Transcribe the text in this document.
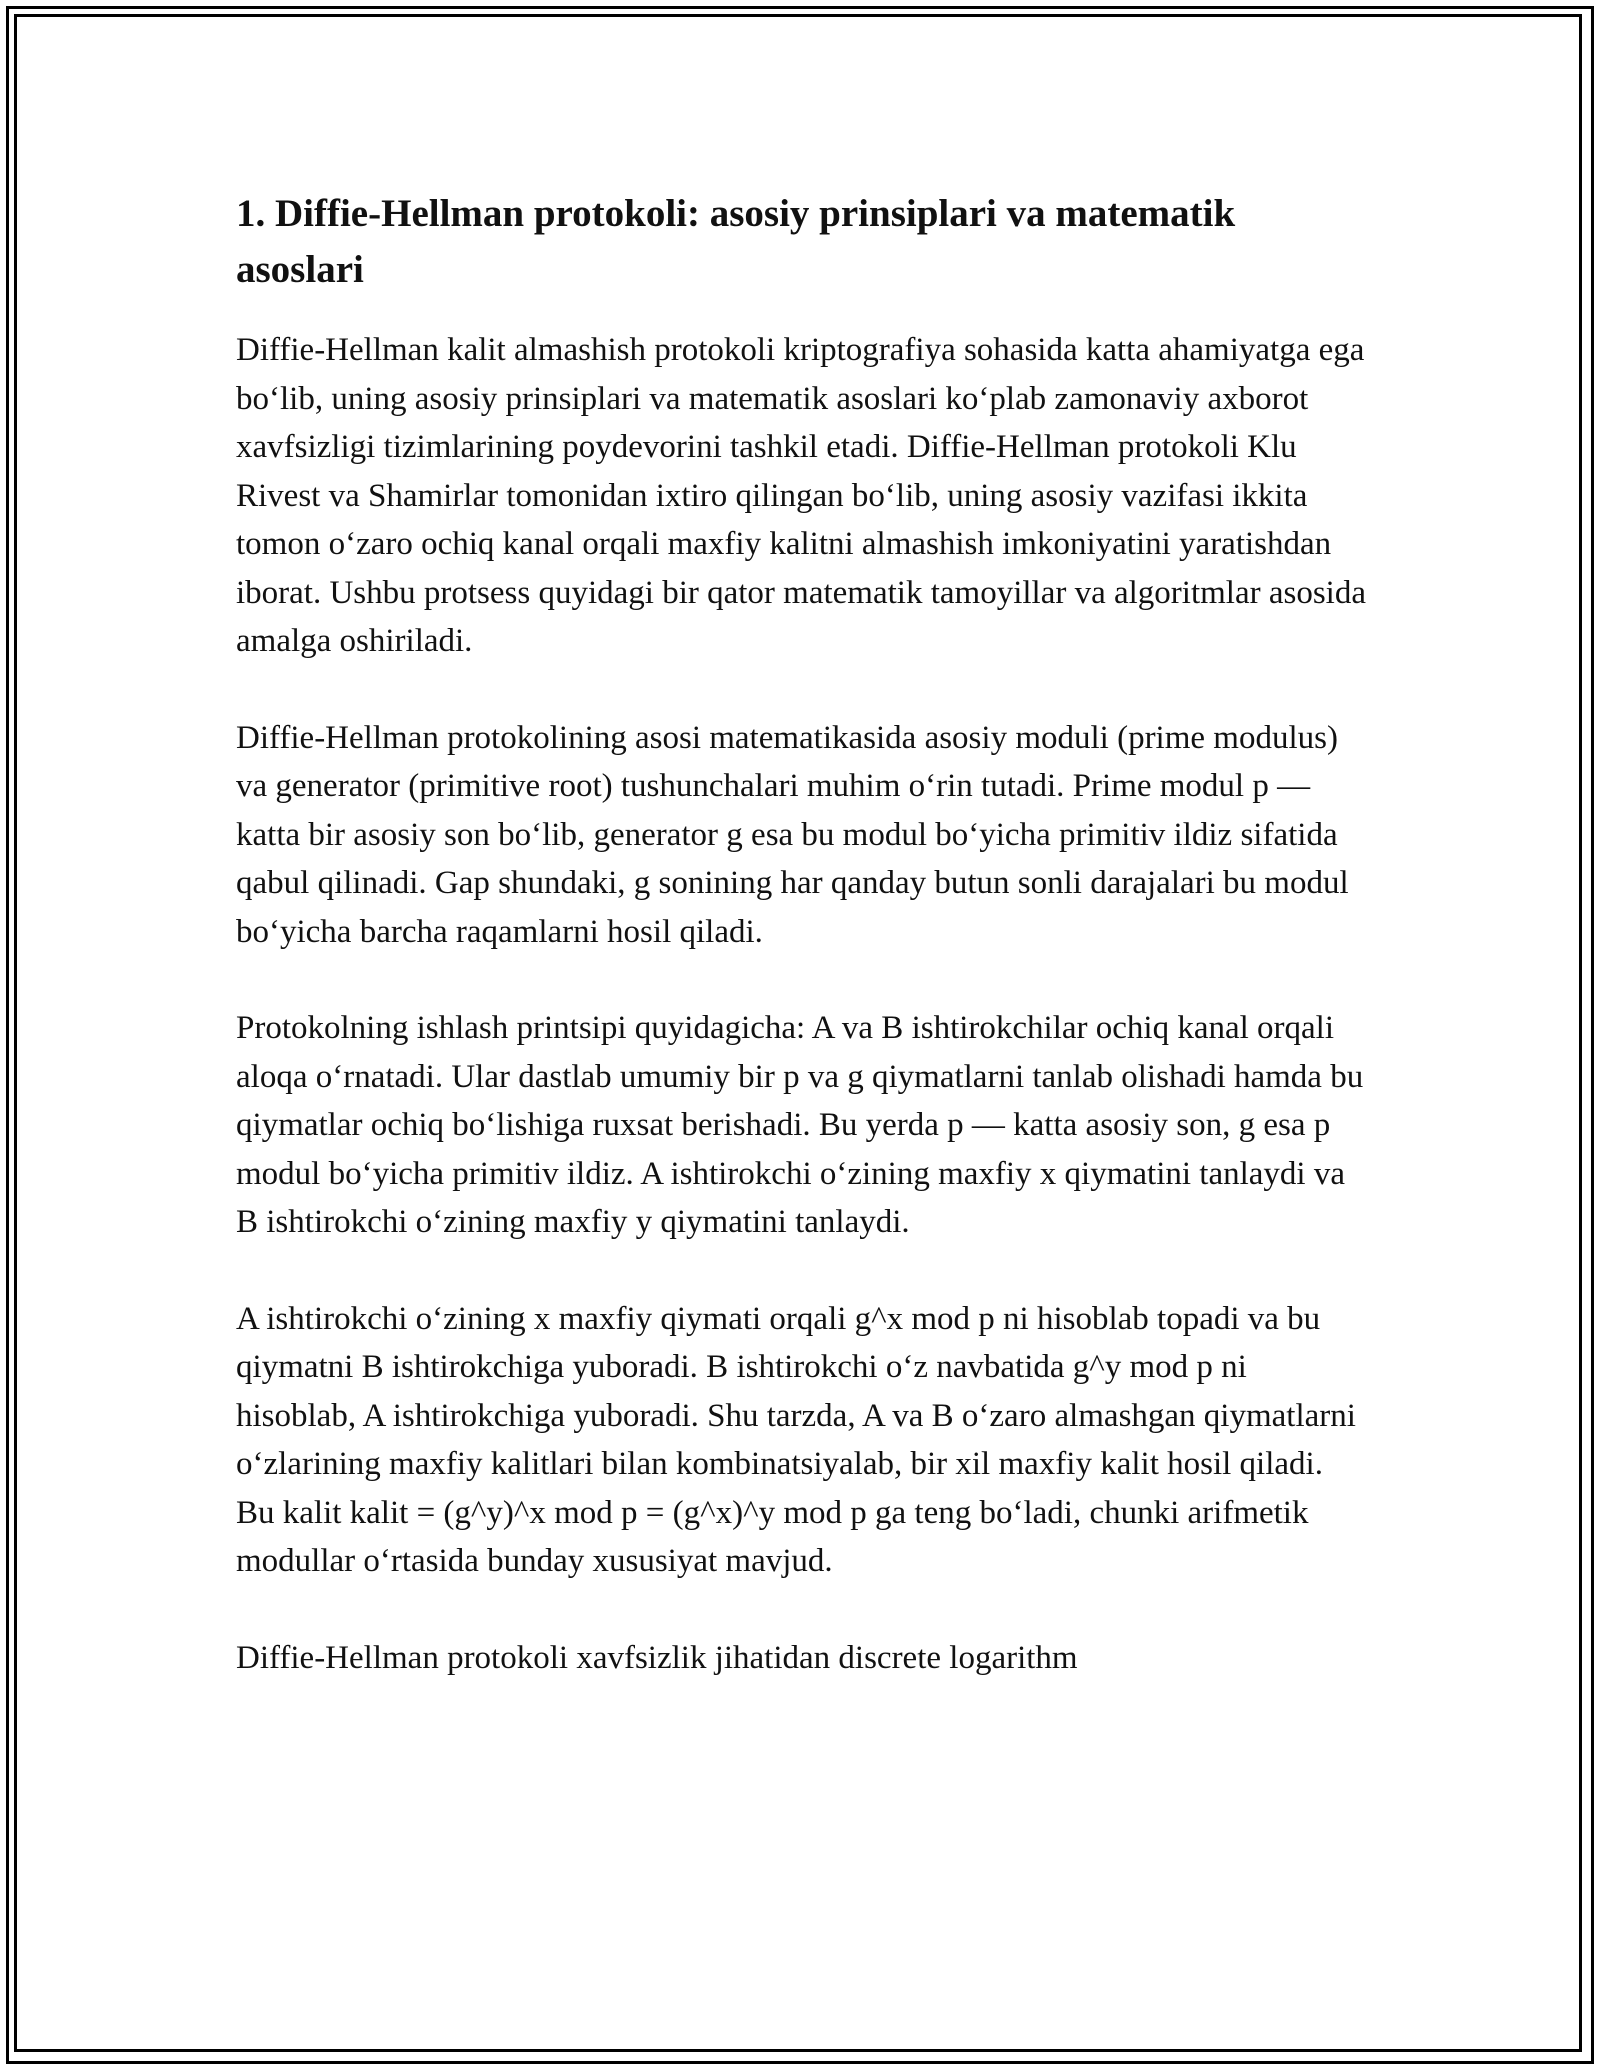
1. Diffie-Hellman protokoli: asosiy prinsiplari va matematik asoslari

Diffie-Hellman kalit almashish protokoli kriptografiya sohasida katta ahamiyatga ega bo‘lib, uning asosiy prinsiplari va matematik asoslari ko‘plab zamonaviy axborot xavfsizligi tizimlarining poydevorini tashkil etadi. Diffie-Hellman protokoli Klu Rivest va Shamirlar tomonidan ixtiro qilingan bo‘lib, uning asosiy vazifasi ikkita tomon o‘zaro ochiq kanal orqali maxfiy kalitni almashish imkoniyatini yaratishdan iborat. Ushbu protsess quyidagi bir qator matematik tamoyillar va algoritmlar asosida amalga oshiriladi.

Diffie-Hellman protokolining asosi matematikasida asosiy moduli (prime modulus) va generator (primitive root) tushunchalari muhim o‘rin tutadi. Prime modul p — katta bir asosiy son bo‘lib, generator g esa bu modul bo‘yicha primitiv ildiz sifatida qabul qilinadi. Gap shundaki, g sonining har qanday butun sonli darajalari bu modul bo‘yicha barcha raqamlarni hosil qiladi.

Protokolning ishlash printsipi quyidagicha: A va B ishtirokchilar ochiq kanal orqali aloqa o‘rnatadi. Ular dastlab umumiy bir p va g qiymatlarni tanlab olishadi hamda bu qiymatlar ochiq bo‘lishiga ruxsat berishadi. Bu yerda p — katta asosiy son, g esa p modul bo‘yicha primitiv ildiz. A ishtirokchi o‘zining maxfiy x qiymatini tanlaydi va B ishtirokchi o‘zining maxfiy y qiymatini tanlaydi.

A ishtirokchi o‘zining x maxfiy qiymati orqali g^x mod p ni hisoblab topadi va bu qiymatni B ishtirokchiga yuboradi. B ishtirokchi o‘z navbatida g^y mod p ni hisoblab, A ishtirokchiga yuboradi. Shu tarzda, A va B o‘zaro almashgan qiymatlarni o‘zlarining maxfiy kalitlari bilan kombinatsiyalab, bir xil maxfiy kalit hosil qiladi. Bu kalit kalit = (g^y)^x mod p = (g^x)^y mod p ga teng bo‘ladi, chunki arifmetik modullar o‘rtasida bunday xususiyat mavjud.

Diffie-Hellman protokoli xavfsizlik jihatidan discrete logarithm
